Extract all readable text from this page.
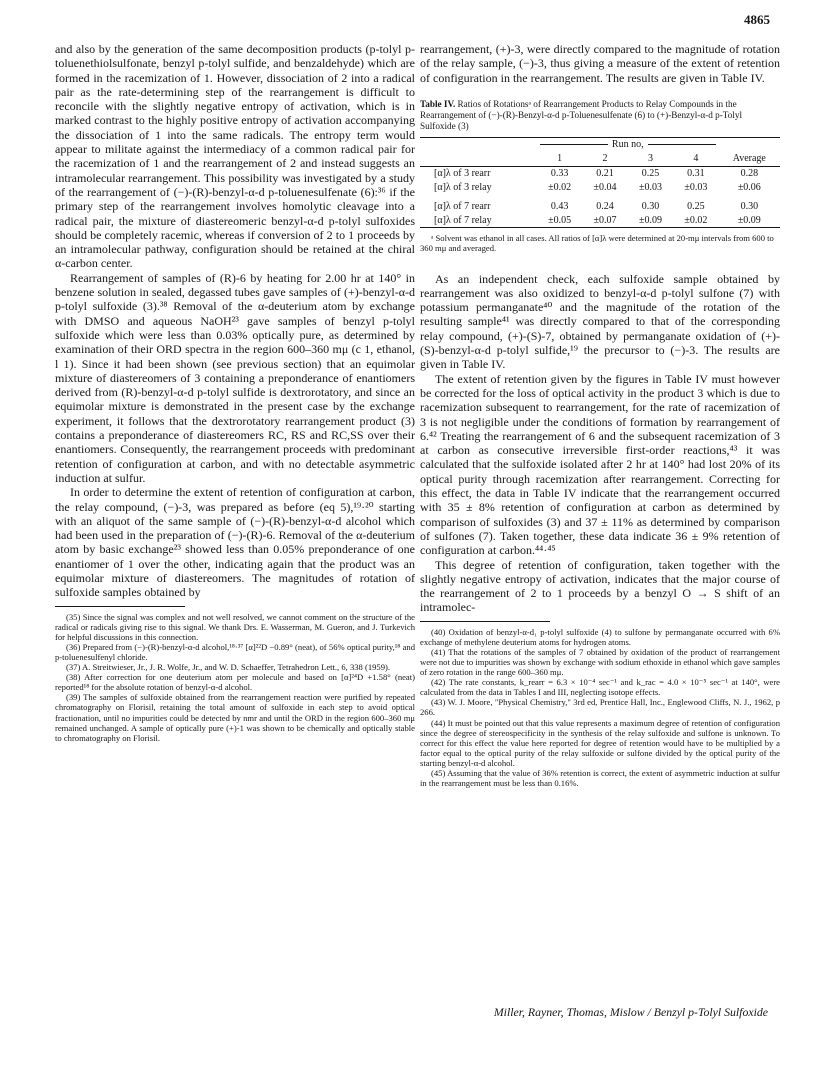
4865

and also by the generation of the same decomposition products (p-tolyl p-toluenethiolsulfonate, benzyl p-tolyl sulfide, and benzaldehyde) which are formed in the racemization of 1. However, dissociation of 2 into a radical pair as the rate-determining step of the rearrangement is difficult to reconcile with the slightly negative entropy of activation, which is in marked contrast to the highly positive entropy of activation accompanying the dissociation of 1 into the same radicals. The entropy term would appear to militate against the intermediacy of a common radical pair for the racemization of 1 and the rearrangement of 2 and instead suggests an intramolecular rearrangement. This possibility was investigated by a study of the rearrangement of (−)-(R)-benzyl-α-d p-toluenesulfenate (6):³⁶ if the primary step of the rearrangement involves homolytic cleavage into a radical pair, the mixture of diastereomeric benzyl-α-d p-tolyl sulfoxides should be completely racemic, whereas if conversion of 2 to 1 proceeds by an intramolecular pathway, configuration should be retained at the chiral α-carbon center.

Rearrangement of samples of (R)-6 by heating for 2.00 hr at 140° in benzene solution in sealed, degassed tubes gave samples of (+)-benzyl-α-d p-tolyl sulfoxide (3).³⁸ Removal of the α-deuterium atom by exchange with DMSO and aqueous NaOH²³ gave samples of benzyl p-tolyl sulfoxide which were less than 0.03% optically pure, as determined by examination of their ORD spectra in the region 600–360 mμ (c 1, ethanol, l 1). Since it had been shown (see previous section) that an equimolar mixture of diastereomers of 3 containing a preponderance of enantiomers derived from (R)-benzyl-α-d p-tolyl sulfide is dextrorotatory, and since an equimolar mixture is demonstrated in the present case by the exchange experiment, it follows that the dextrorotatory rearrangement product (3) contains a preponderance of diastereomers RC, RS and RC,SS over their enantiomers. Consequently, the rearrangement proceeds with predominant retention of configuration at carbon, and with no detectable asymmetric induction at sulfur.

In order to determine the extent of retention of configuration at carbon, the relay compound, (−)-3, was prepared as before (eq 5),¹⁹·²⁰ starting with an aliquot of the same sample of (−)-(R)-benzyl-α-d alcohol which had been used in the preparation of (−)-(R)-6. Removal of the α-deuterium atom by basic exchange²³ showed less than 0.05% preponderance of one enantiomer of 1 over the other, indicating again that the product was an equimolar mixture of diastereomers. The magnitudes of rotation of sulfoxide samples obtained by

(35) Since the signal was complex and not well resolved, we cannot comment on the structure of the radical or radicals giving rise to this signal. We thank Drs. E. Wasserman, M. Gueron, and J. Turkevich for helpful discussions in this connection.

(36) Prepared from (−)-(R)-benzyl-α-d alcohol,¹⁸·³⁷ [α]²²D −0.89° (neat), of 56% optical purity,¹⁸ and p-toluenesulfenyl chloride.

(37) A. Streitwieser, Jr., J. R. Wolfe, Jr., and W. D. Schaeffer, Tetrahedron Lett., 6, 338 (1959).

(38) After correction for one deuterium atom per molecule and based on [α]²⁴D +1.58° (neat) reported¹⁸ for the absolute rotation of benzyl-α-d alcohol.

(39) The samples of sulfoxide obtained from the rearrangement reaction were purified by repeated chromatography on Florisil, retaining the total amount of sulfoxide in each step to avoid optical fractionation, until no impurities could be detected by nmr and until the ORD in the region 600–360 mμ remained unchanged. A sample of optically pure (+)-1 was shown to be chemically and optically stable to chromatography on Florisil.

rearrangement, (+)-3, were directly compared to the magnitude of rotation of the relay sample, (−)-3, thus giving a measure of the extent of retention of configuration in the rearrangement. The results are given in Table IV.

Table IV. Ratios of Rotationsᵃ of Rearrangement Products to Relay Compounds in the Rearrangement of (−)-(R)-Benzyl-α-d p-Toluenesulfenate (6) to (+)-Benzyl-α-d p-Tolyl Sulfoxide (3)

	Run no,				

	1	2	3	4	Average
[α]λ of 3 rearr	0.33	0.21	0.25	0.31	0.28
[α]λ of 3 relay	±0.02	±0.04	±0.03	±0.03	±0.06
[α]λ of 7 rearr	0.43	0.24	0.30	0.25	0.30
[α]λ of 7 relay	±0.05	±0.07	±0.09	±0.02	±0.09

ᵃ Solvent was ethanol in all cases. All ratios of [α]λ were determined at 20-mμ intervals from 600 to 360 mμ and averaged.

As an independent check, each sulfoxide sample obtained by rearrangement was also oxidized to benzyl-α-d p-tolyl sulfone (7) with potassium permanganate⁴⁰ and the magnitude of the rotation of the resulting sample⁴¹ was directly compared to that of the corresponding relay compound, (+)-(S)-7, obtained by permanganate oxidation of (+)-(S)-benzyl-α-d p-tolyl sulfide,¹⁹ the precursor to (−)-3. The results are given in Table IV.

The extent of retention given by the figures in Table IV must however be corrected for the loss of optical activity in the product 3 which is due to racemization subsequent to rearrangement, for the rate of racemization of 3 is not negligible under the conditions of formation by rearrangement of 6.⁴² Treating the rearrangement of 6 and the subsequent racemization of 3 at carbon as consecutive irreversible first-order reactions,⁴³ it was calculated that the sulfoxide isolated after 2 hr at 140° had lost 20% of its optical purity through racemization after rearrangement. Correcting for this effect, the data in Table IV indicate that the rearrangement occurred with 35 ± 8% retention of configuration at carbon as determined by comparison of sulfoxides (3) and 37 ± 11% as determined by comparison of sulfones (7). Taken together, these data indicate 36 ± 9% retention of configuration at carbon.⁴⁴·⁴⁵

This degree of retention of configuration, taken together with the slightly negative entropy of activation, indicates that the major course of the rearrangement of 2 to 1 proceeds by a benzyl O → S shift of an intramolec-

(40) Oxidation of benzyl-α-d₁ p-tolyl sulfoxide (4) to sulfone by permanganate occurred with 6% exchange of methylene deuterium atoms for hydrogen atoms.

(41) That the rotations of the samples of 7 obtained by oxidation of the product of rearrangement were not due to impurities was shown by exchange with sodium ethoxide in ethanol which gave samples of zero rotation in the range 600–360 mμ.

(42) The rate constants, k_rearr = 6.3 × 10⁻⁴ sec⁻¹ and k_rac = 4.0 × 10⁻⁵ sec⁻¹ at 140°, were calculated from the data in Tables I and III, neglecting isotope effects.

(43) W. J. Moore, "Physical Chemistry," 3rd ed, Prentice Hall, Inc., Englewood Cliffs, N. J., 1962, p 266.

(44) It must be pointed out that this value represents a maximum degree of retention of configuration since the degree of stereospecificity in the synthesis of the relay sulfoxide and sulfone is unknown. To correct for this effect the value here reported for degree of retention would have to be multiplied by a factor equal to the optical purity of the relay sulfoxide or sulfone divided by the optical purity of the starting benzyl-α-d alcohol.

(45) Assuming that the value of 36% retention is correct, the extent of asymmetric induction at sulfur in the rearrangement must be less than 0.16%.

Miller, Rayner, Thomas, Mislow / Benzyl p-Tolyl Sulfoxide
